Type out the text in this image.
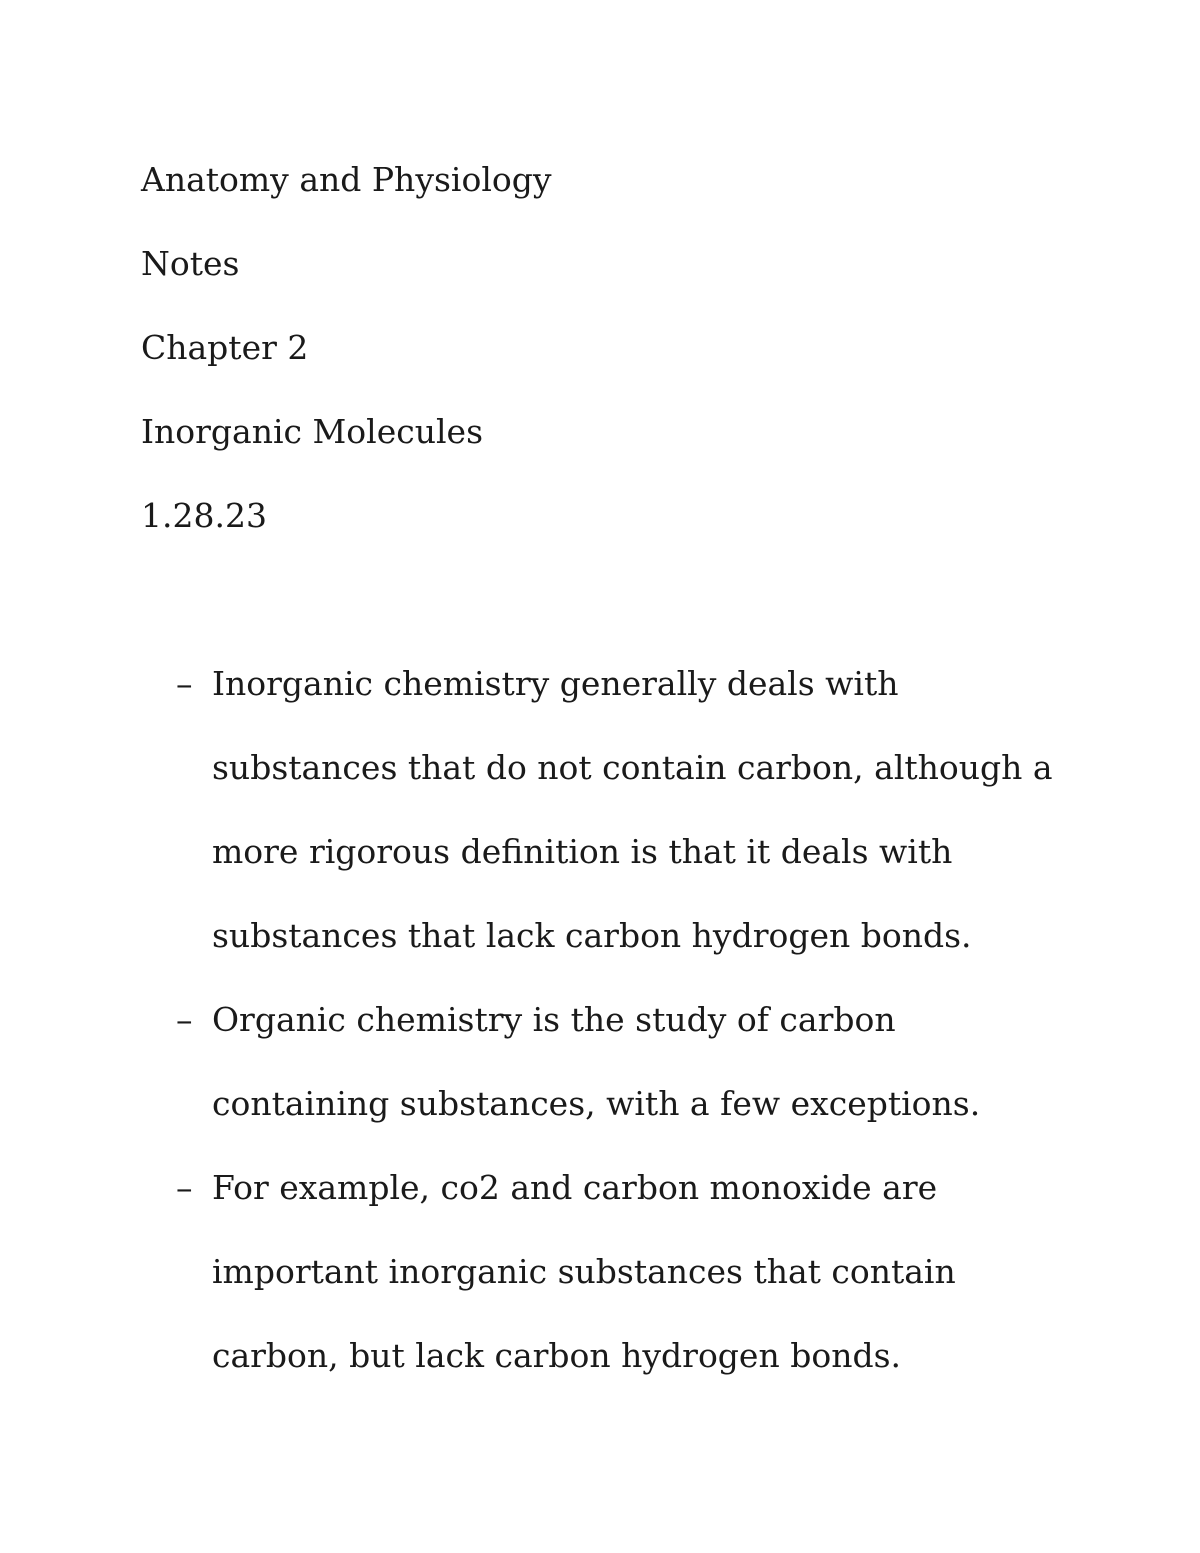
Anatomy and Physiology

Notes

Chapter 2

Inorganic Molecules

1.28.23

– Inorganic chemistry generally deals with substances that do not contain carbon, although a more rigorous definition is that it deals with substances that lack carbon hydrogen bonds.
– Organic chemistry is the study of carbon containing substances, with a few exceptions.
– For example, co2 and carbon monoxide are important inorganic substances that contain carbon, but lack carbon hydrogen bonds.
